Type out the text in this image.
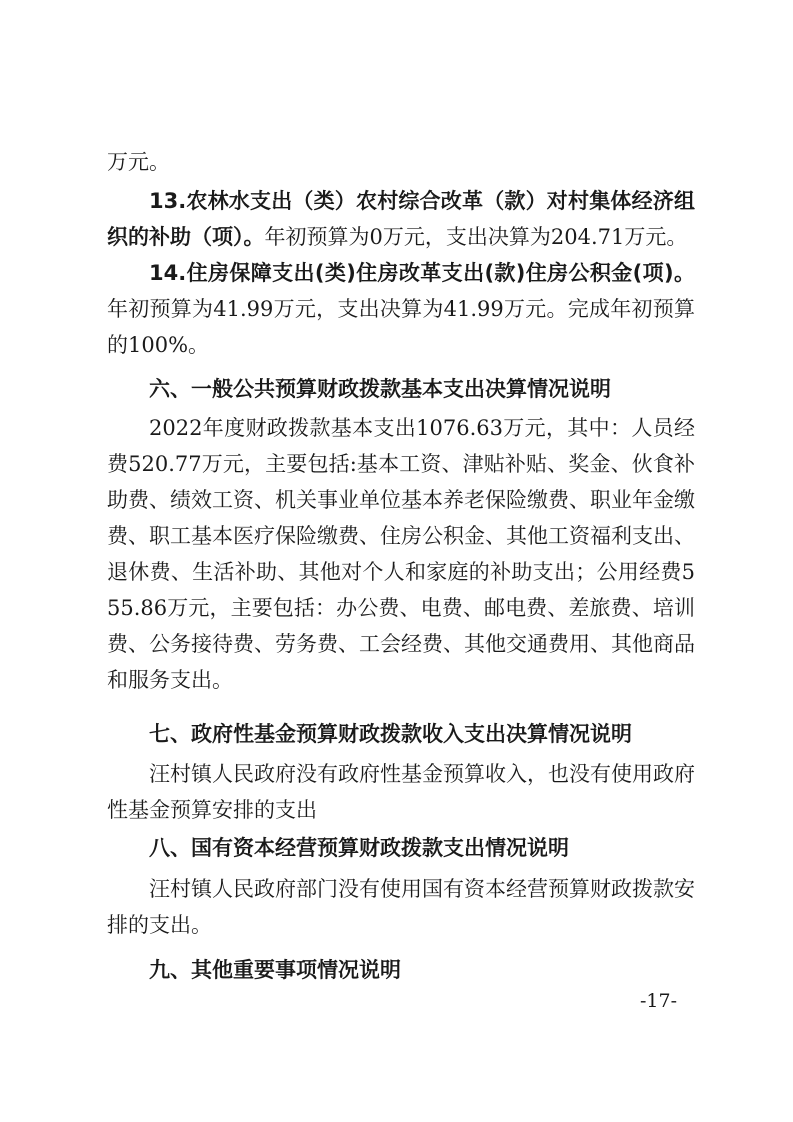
万元。
13.农林水支出（类）农村综合改革（款）对村集体经济组织的补助（项）。年初预算为0万元，支出决算为204.71万元。
14.住房保障支出(类)住房改革支出(款)住房公积金(项)。年初预算为41.99万元，支出决算为41.99万元。完成年初预算的100%。
六、一般公共预算财政拨款基本支出决算情况说明
2022年度财政拨款基本支出1076.63万元，其中：人员经费520.77万元，主要包括:基本工资、津贴补贴、奖金、伙食补助费、绩效工资、机关事业单位基本养老保险缴费、职业年金缴费、职工基本医疗保险缴费、住房公积金、其他工资福利支出、退休费、生活补助、其他对个人和家庭的补助支出；公用经费555.86万元，主要包括：办公费、电费、邮电费、差旅费、培训费、公务接待费、劳务费、工会经费、其他交通费用、其他商品和服务支出。
七、政府性基金预算财政拨款收入支出决算情况说明
汪村镇人民政府没有政府性基金预算收入，也没有使用政府性基金预算安排的支出
八、国有资本经营预算财政拨款支出情况说明
汪村镇人民政府部门没有使用国有资本经营预算财政拨款安排的支出。
九、其他重要事项情况说明
-17-
